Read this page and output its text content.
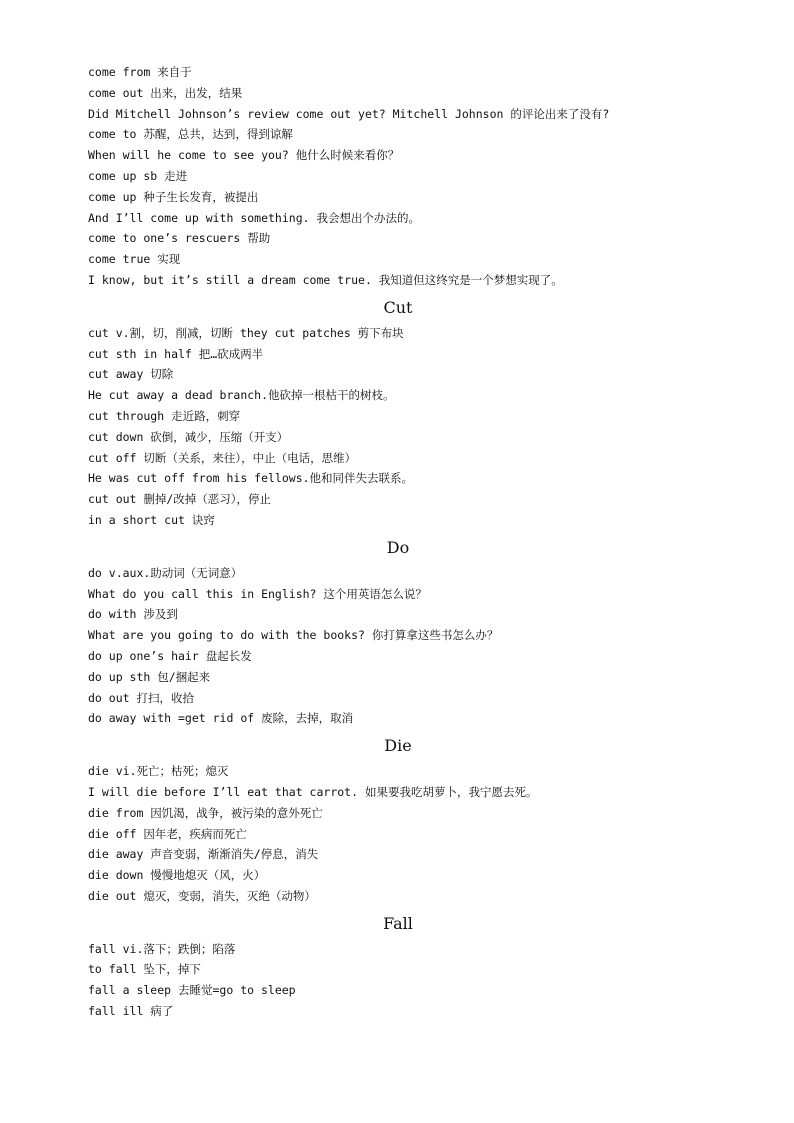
come from 来自于
come out 出来，出发，结果
Did Mitchell Johnson’s review come out yet? Mitchell Johnson 的评论出来了没有?
come to 苏醒，总共，达到，得到谅解
When will he come to see you? 他什么时候来看你？
come up sb 走进
come up 种子生长发育，被提出
And I’ll come up with something. 我会想出个办法的。
come to one’s rescuers 帮助
come true 实现
I know, but it’s still a dream come true. 我知道但这终究是一个梦想实现了。
Cut
cut v.割，切，削减，切断 they cut patches 剪下布块
cut sth in half 把…砍成两半
cut away 切除
He cut away a dead branch.他砍掉一根枯干的树枝。
cut through 走近路，刺穿
cut down 砍倒，减少，压缩（开支）
cut off 切断（关系，来往），中止（电话，思维）
He was cut off from his fellows.他和同伴失去联系。
cut out 删掉/改掉（恶习），停止
in a short cut 诀窍
Do
do v.aux.助动词（无词意）
What do you call this in English? 这个用英语怎么说？
do with 涉及到
What are you going to do with the books? 你打算拿这些书怎么办？
do up one’s hair 盘起长发
do up sth 包/捆起来
do out 打扫，收拾
do away with =get rid of 废除，去掉，取消
Die
die vi.死亡；枯死；熄灭
I will die before I’ll eat that carrot. 如果要我吃胡萝卜，我宁愿去死。
die from 因饥渴，战争，被污染的意外死亡
die off 因年老，疾病而死亡
die away 声音变弱，渐渐消失/停息，消失
die down 慢慢地熄灭（风，火）
die out 熄灭，变弱，消失，灭绝（动物）
Fall
fall vi.落下；跌倒；陷落
to fall 坠下，掉下
fall a sleep 去睡觉=go to sleep
fall ill 病了
